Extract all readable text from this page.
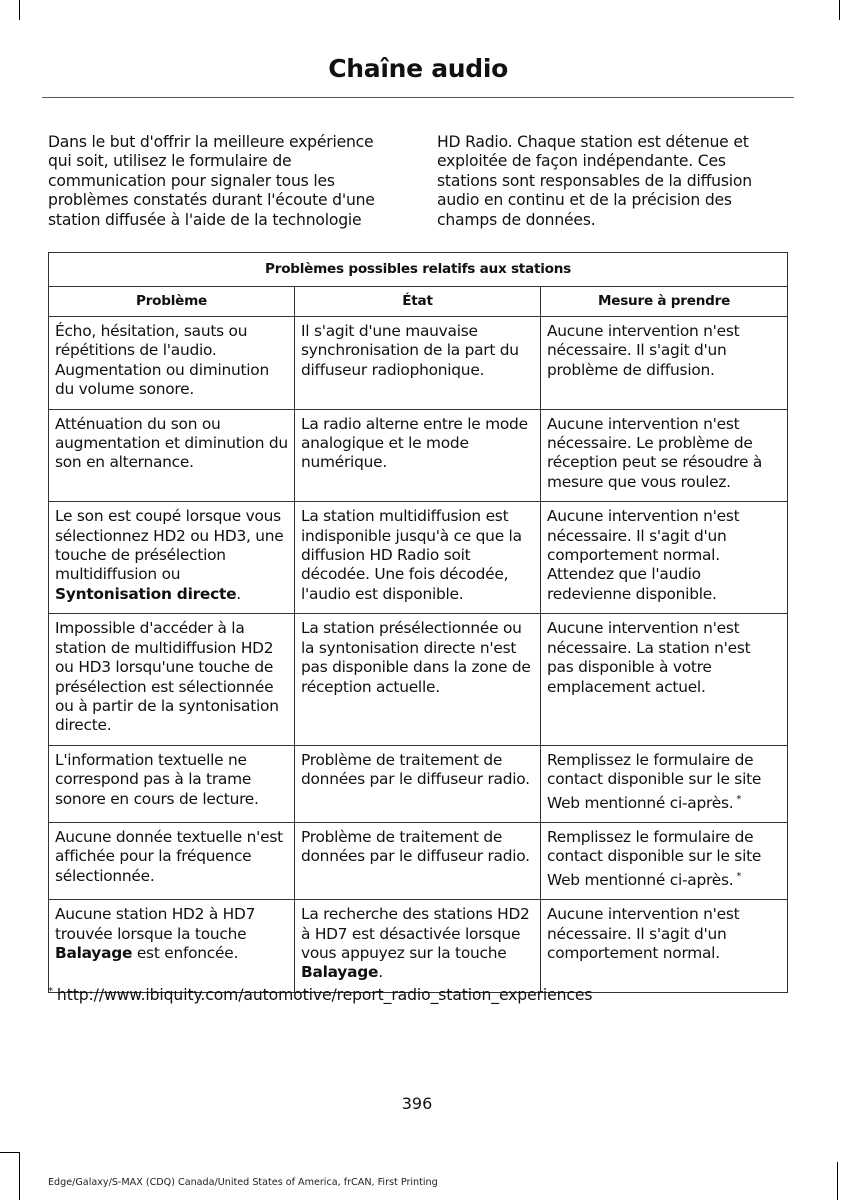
Chaîne audio

Dans le but d'offrir la meilleure expérience qui soit, utilisez le formulaire de communication pour signaler tous les problèmes constatés durant l'écoute d'une station diffusée à l'aide de la technologie

HD Radio. Chaque station est détenue et exploitée de façon indépendante. Ces stations sont responsables de la diffusion audio en continu et de la précision des champs de données.

Problèmes possibles relatifs aux stations		
Problème	État	Mesure à prendre
Écho, hésitation, sauts ou répétitions de l'audio. Augmentation ou diminution du volume sonore.	Il s'agit d'une mauvaise synchronisation de la part du diffuseur radiophonique.	Aucune intervention n'est nécessaire. Il s'agit d'un problème de diffusion.
Atténuation du son ou augmentation et diminution du son en alternance.	La radio alterne entre le mode analogique et le mode numérique.	Aucune intervention n'est nécessaire. Le problème de réception peut se résoudre à mesure que vous roulez.
Le son est coupé lorsque vous sélectionnez HD2 ou HD3, une touche de présélection multidiffusion ou Syntonisation directe.	La station multidiffusion est indisponible jusqu'à ce que la diffusion HD Radio soit décodée. Une fois décodée, l'audio est disponible.	Aucune intervention n'est nécessaire. Il s'agit d'un comportement normal. Attendez que l'audio redevienne disponible.
Impossible d'accéder à la station de multidiffusion HD2 ou HD3 lorsqu'une touche de présélection est sélectionnée ou à partir de la syntonisation directe.	La station présélectionnée ou la syntonisation directe n'est pas disponible dans la zone de réception actuelle.	Aucune intervention n'est nécessaire. La station n'est pas disponible à votre emplacement actuel.
L'information textuelle ne correspond pas à la trame sonore en cours de lecture.	Problème de traitement de données par le diffuseur radio.	Remplissez le formulaire de contact disponible sur le site Web mentionné ci-après. *
Aucune donnée textuelle n'est affichée pour la fréquence sélectionnée.	Problème de traitement de données par le diffuseur radio.	Remplissez le formulaire de contact disponible sur le site Web mentionné ci-après. *
Aucune station HD2 à HD7 trouvée lorsque la touche Balayage est enfoncée.	La recherche des stations HD2 à HD7 est désactivée lorsque vous appuyez sur la touche Balayage.	Aucune intervention n'est nécessaire. Il s'agit d'un comportement normal.
* http://www.ibiquity.com/automotive/report_radio_station_experiences
396
Edge/Galaxy/S-MAX (CDQ) Canada/United States of America, frCAN, First Printing
